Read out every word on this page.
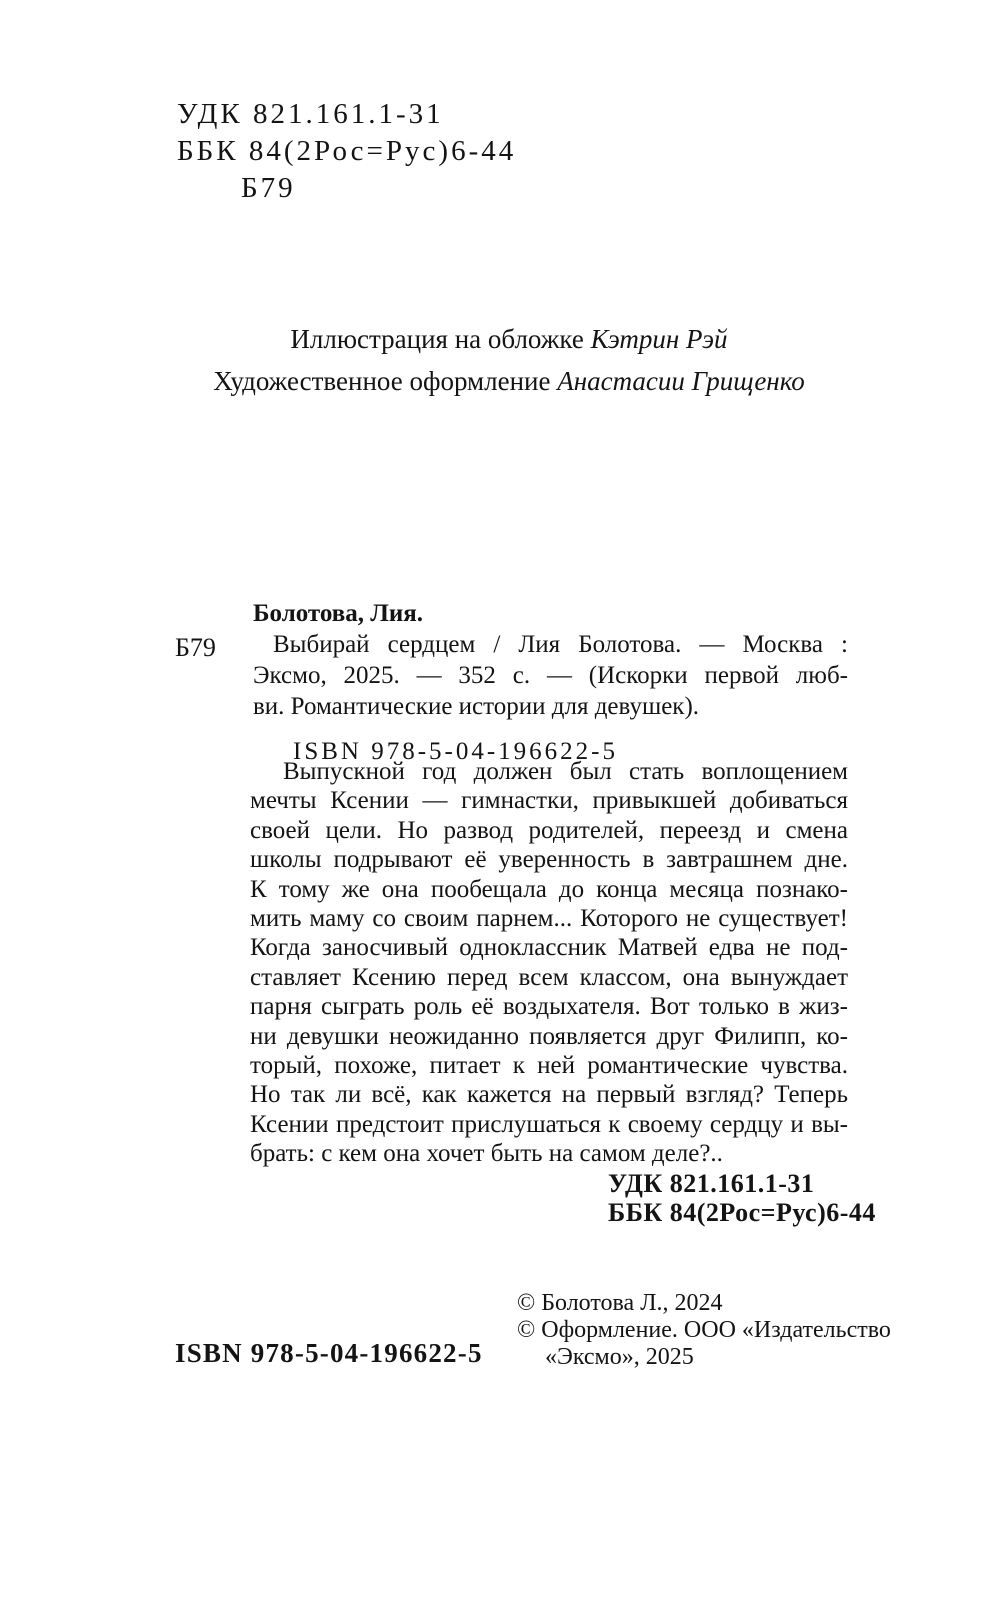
УДК 821.161.1-31
ББК 84(2Рос=Рус)6-44
Б79
Иллюстрация на обложке Кэтрин Рэй
Художественное оформление Анастасии Грищенко
Б79
Болотова, Лия.
Выбирай сердцем / Лия Болотова. — Москва :
Эксмо, 2025. — 352 с. — (Искорки первой люб-
ви. Романтические истории для девушек).
ISBN 978-5-04-196622-5
Выпускной год должен был стать воплощением
мечты Ксении — гимнастки, привыкшей добиваться
своей цели. Но развод родителей, переезд и смена
школы подрывают её уверенность в завтрашнем дне.
К тому же она пообещала до конца месяца познако-
мить маму со своим парнем... Которого не существует!
Когда заносчивый одноклассник Матвей едва не под-
ставляет Ксению перед всем классом, она вынуждает
парня сыграть роль её воздыхателя. Вот только в жиз-
ни девушки неожиданно появляется друг Филипп, ко-
торый, похоже, питает к ней романтические чувства.
Но так ли всё, как кажется на первый взгляд? Теперь
Ксении предстоит прислушаться к своему сердцу и вы-
брать: с кем она хочет быть на самом деле?..
УДК 821.161.1-31
ББК 84(2Рос=Рус)6-44
ISBN 978-5-04-196622-5
© Болотова Л., 2024
© Оформление. ООО «Издательство
«Эксмо», 2025
